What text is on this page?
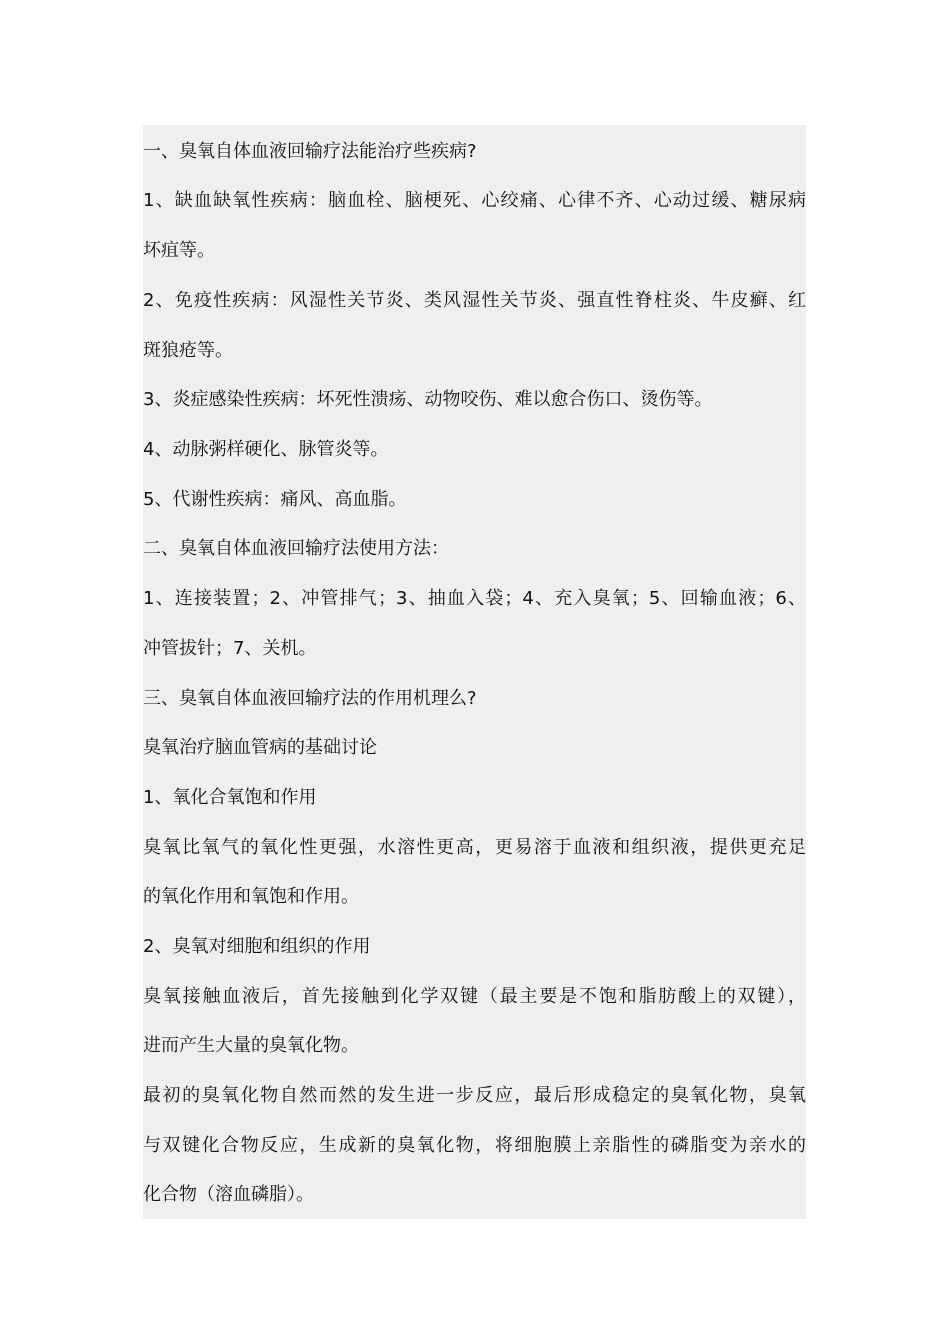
一、臭氧自体血液回输疗法能治疗些疾病?
1、缺血缺氧性疾病：脑血栓、脑梗死、心绞痛、心律不齐、心动过缓、糖尿病
坏疽等。
2、免疫性疾病：风湿性关节炎、类风湿性关节炎、强直性脊柱炎、牛皮癣、红
斑狼疮等。
3、炎症感染性疾病：坏死性溃疡、动物咬伤、难以愈合伤口、烫伤等。
4、动脉粥样硬化、脉管炎等。
5、代谢性疾病：痛风、高血脂。
二、臭氧自体血液回输疗法使用方法：
1、连接装置；2、冲管排气；3、抽血入袋；4、充入臭氧；5、回输血液；6、
冲管拔针；7、关机。
三、臭氧自体血液回输疗法的作用机理么?
臭氧治疗脑血管病的基础讨论
1、氧化合氧饱和作用
臭氧比氧气的氧化性更强，水溶性更高，更易溶于血液和组织液，提供更充足
的氧化作用和氧饱和作用。
2、臭氧对细胞和组织的作用
臭氧接触血液后，首先接触到化学双键（最主要是不饱和脂肪酸上的双键），
进而产生大量的臭氧化物。
最初的臭氧化物自然而然的发生进一步反应，最后形成稳定的臭氧化物，臭氧
与双键化合物反应，生成新的臭氧化物，将细胞膜上亲脂性的磷脂变为亲水的
化合物（溶血磷脂）。
